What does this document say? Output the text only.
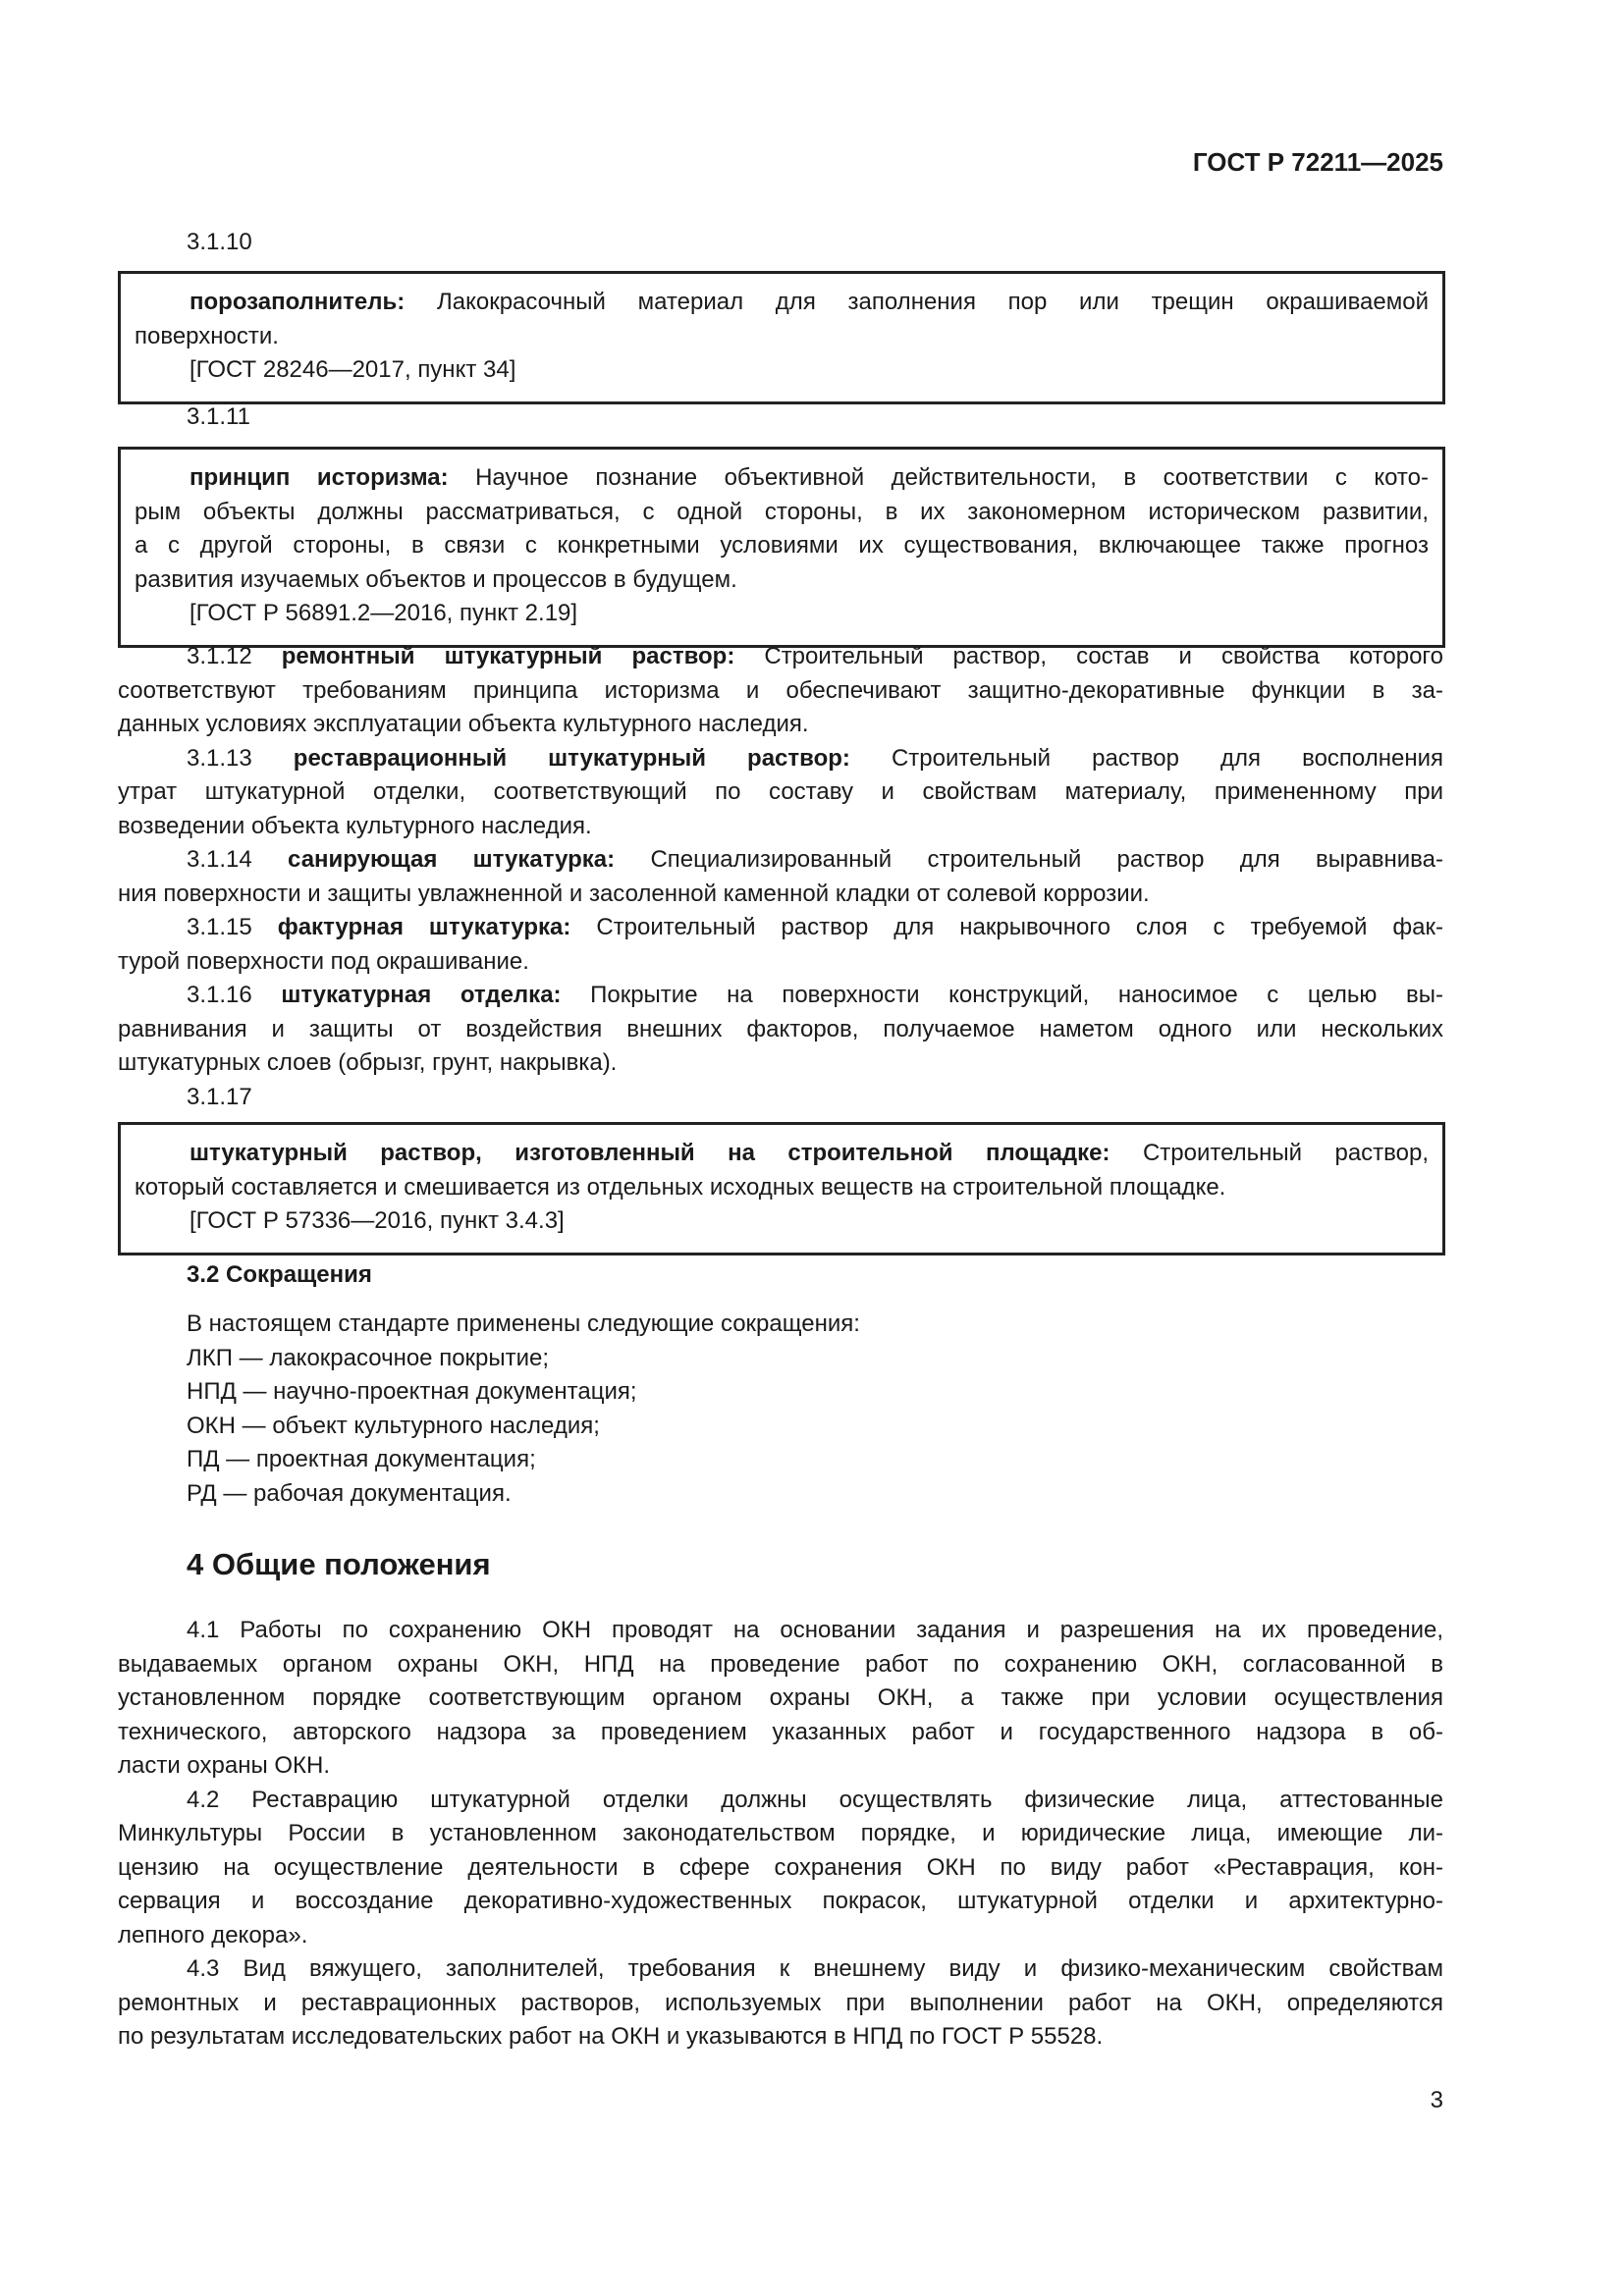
ГОСТ Р 72211—2025
3.1.10
порозаполнитель: Лакокрасочный материал для заполнения пор или трещин окрашиваемой
поверхности.
[ГОСТ 28246—2017, пункт 34]
3.1.11
принцип историзма: Научное познание объективной действительности, в соответствии с кото-
рым объекты должны рассматриваться, с одной стороны, в их закономерном историческом развитии,
а с другой стороны, в связи с конкретными условиями их существования, включающее также прогноз
развития изучаемых объектов и процессов в будущем.
[ГОСТ Р 56891.2—2016, пункт 2.19]
3.1.12 ремонтный штукатурный раствор: Строительный раствор, состав и свойства которого
соответствуют требованиям принципа историзма и обеспечивают защитно-декоративные функции в за-
данных условиях эксплуатации объекта культурного наследия.
3.1.13 реставрационный штукатурный раствор: Строительный раствор для восполнения
утрат штукатурной отделки, соответствующий по составу и свойствам материалу, примененному при
возведении объекта культурного наследия.
3.1.14 санирующая штукатурка: Специализированный строительный раствор для выравнива-
ния поверхности и защиты увлажненной и засоленной каменной кладки от солевой коррозии.
3.1.15 фактурная штукатурка: Строительный раствор для накрывочного слоя с требуемой фак-
турой поверхности под окрашивание.
3.1.16 штукатурная отделка: Покрытие на поверхности конструкций, наносимое с целью вы-
равнивания и защиты от воздействия внешних факторов, получаемое наметом одного или нескольких
штукатурных слоев (обрызг, грунт, накрывка).
3.1.17
штукатурный раствор, изготовленный на строительной площадке: Строительный раствор,
который составляется и смешивается из отдельных исходных веществ на строительной площадке.
[ГОСТ Р 57336—2016, пункт 3.4.3]
3.2 Сокращения
В настоящем стандарте применены следующие сокращения:
ЛКП — лакокрасочное покрытие;
НПД — научно-проектная документация;
ОКН — объект культурного наследия;
ПД — проектная документация;
РД — рабочая документация.
4 Общие положения
4.1 Работы по сохранению ОКН проводят на основании задания и разрешения на их проведение,
выдаваемых органом охраны ОКН, НПД на проведение работ по сохранению ОКН, согласованной в
установленном порядке соответствующим органом охраны ОКН, а также при условии осуществления
технического, авторского надзора за проведением указанных работ и государственного надзора в об-
ласти охраны ОКН.
4.2 Реставрацию штукатурной отделки должны осуществлять физические лица, аттестованные
Минкультуры России в установленном законодательством порядке, и юридические лица, имеющие ли-
цензию на осуществление деятельности в сфере сохранения ОКН по виду работ «Реставрация, кон-
сервация и воссоздание декоративно-художественных покрасок, штукатурной отделки и архитектурно-
лепного декора».
4.3 Вид вяжущего, заполнителей, требования к внешнему виду и физико-механическим свойствам
ремонтных и реставрационных растворов, используемых при выполнении работ на ОКН, определяются
по результатам исследовательских работ на ОКН и указываются в НПД по ГОСТ Р 55528.
3
